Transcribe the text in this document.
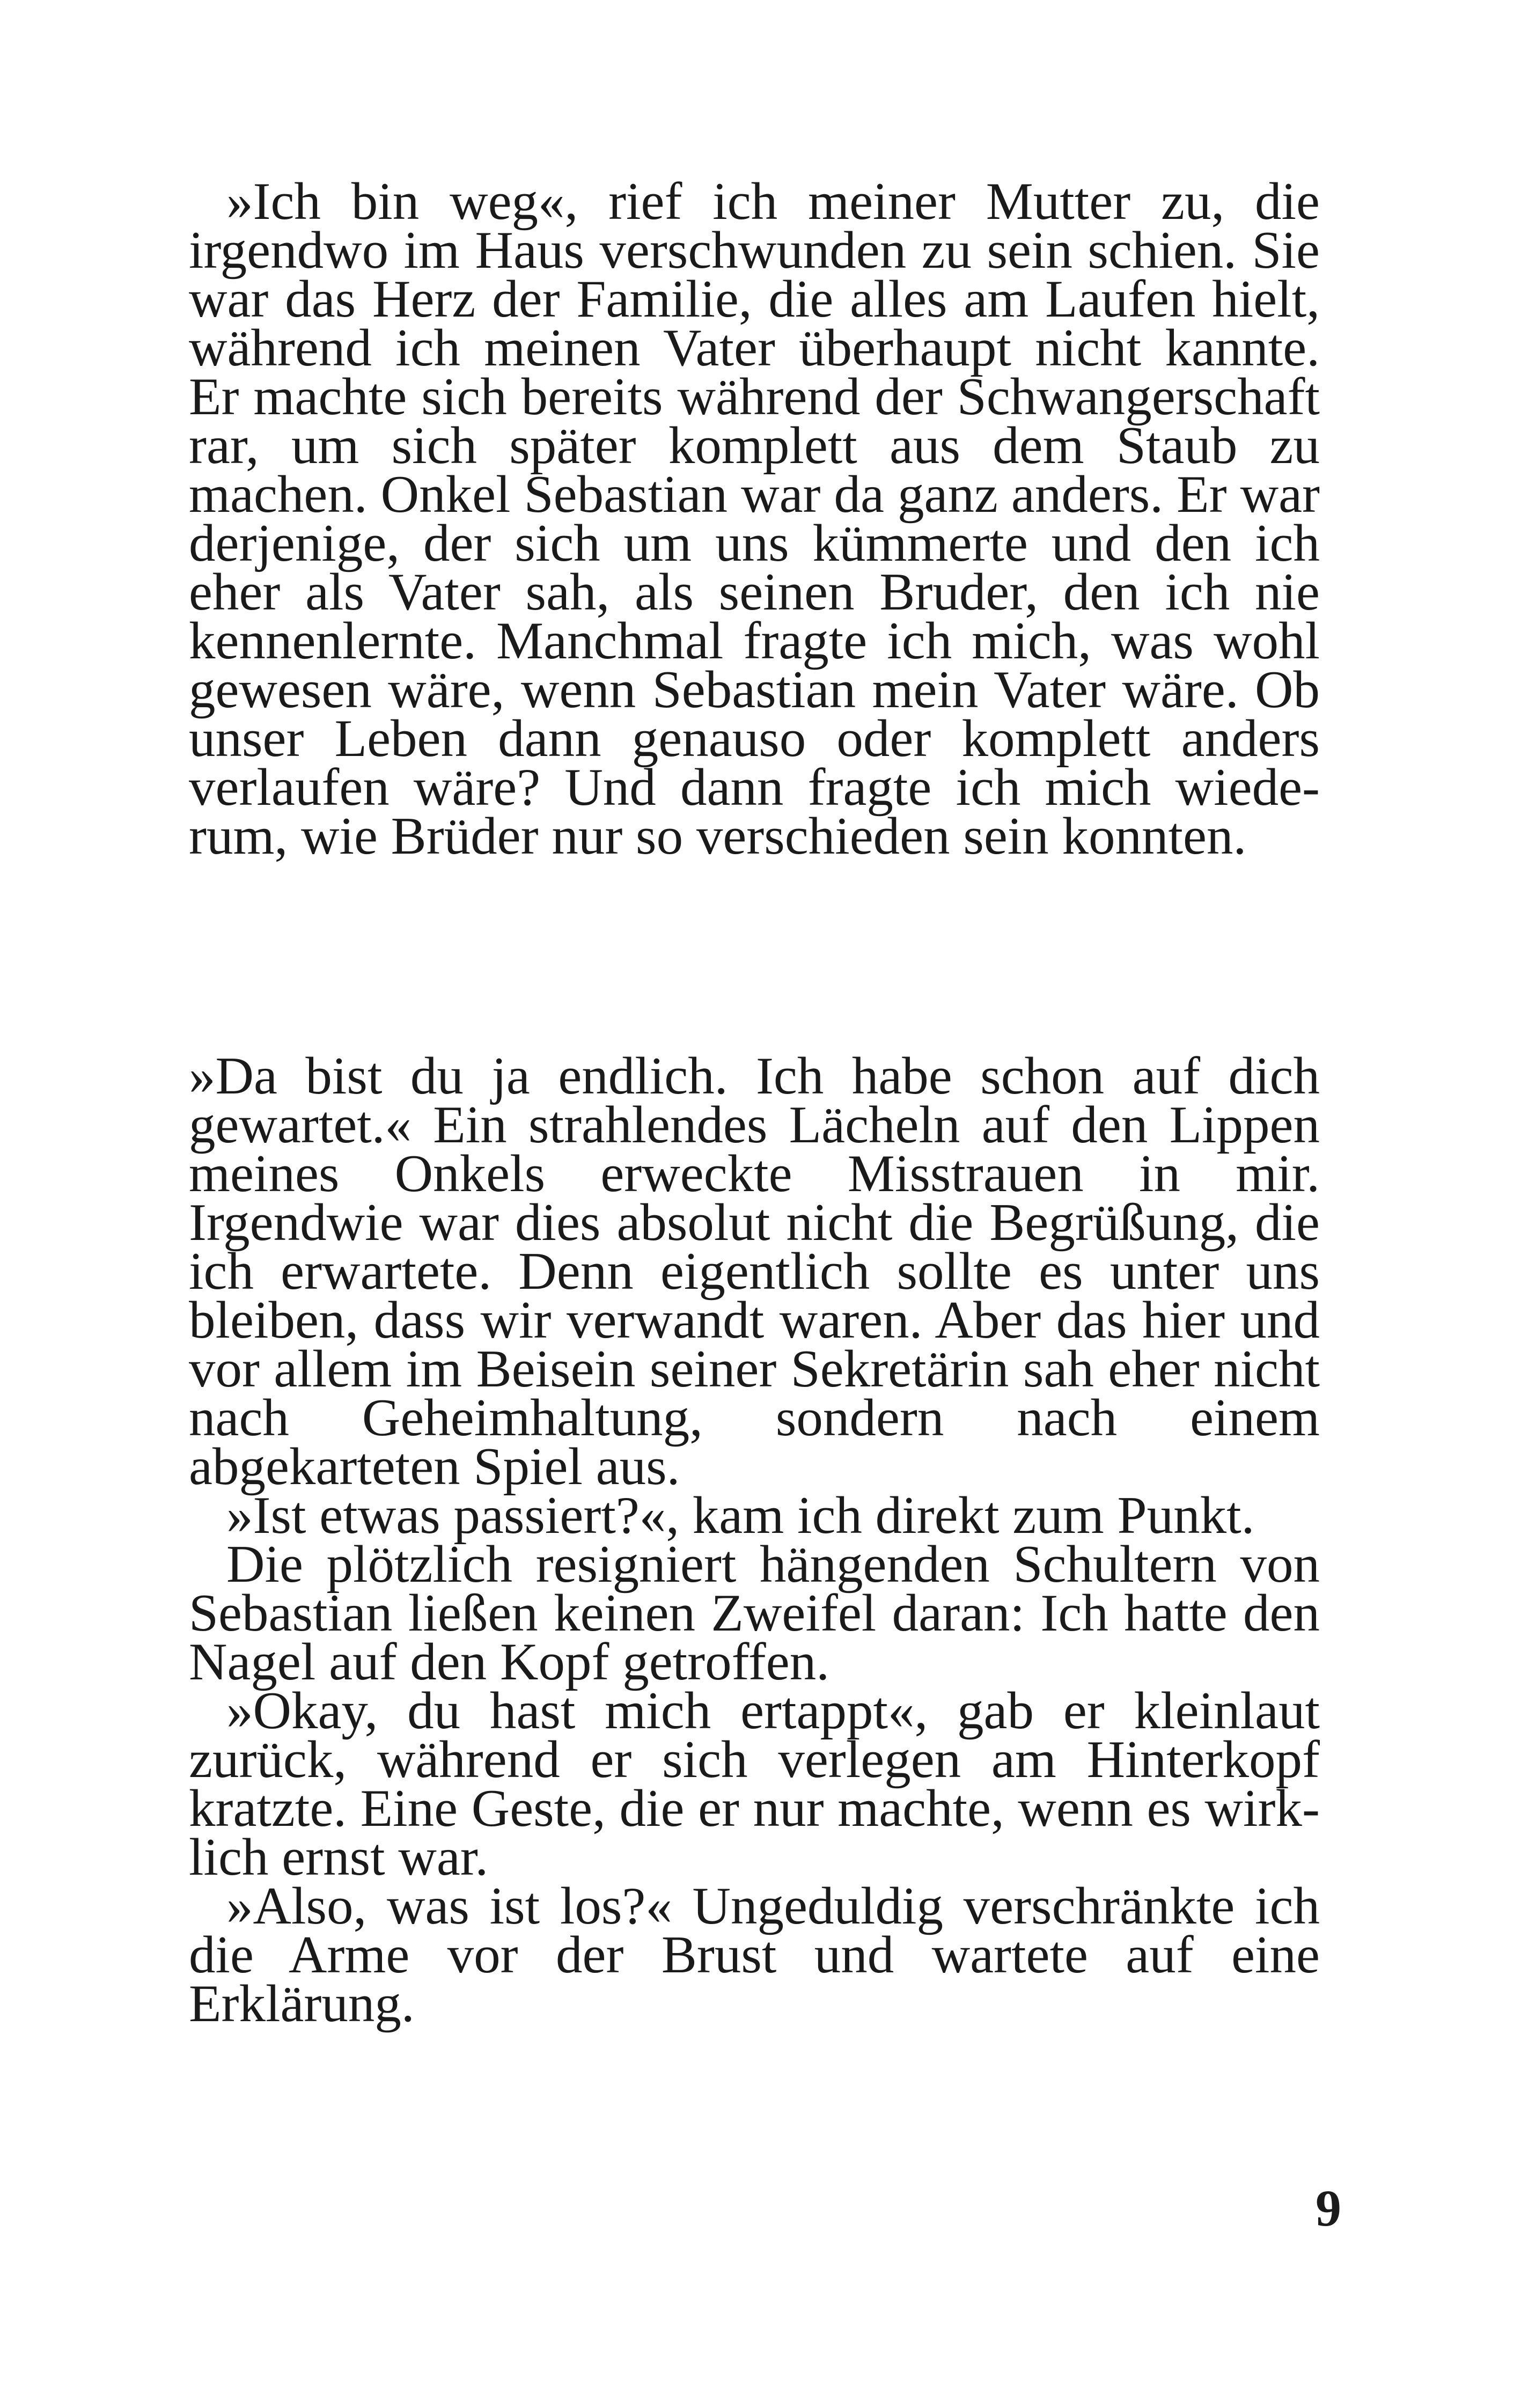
»Ich bin weg«, rief ich meiner Mutter zu, die irgendwo im Haus verschwunden zu sein schien. Sie war das Herz der Familie, die alles am Laufen hielt, während ich meinen Vater überhaupt nicht kannte. Er machte sich bereits während der Schwangerschaft rar, um sich später komplett aus dem Staub zu machen. Onkel Sebastian war da ganz anders. Er war derjenige, der sich um uns kümmerte und den ich eher als Vater sah, als seinen Bruder, den ich nie kennenlernte. Manchmal fragte ich mich, was wohl gewesen wäre, wenn Sebastian mein Vater wäre. Ob unser Leben dann genauso oder komplett anders verlaufen wäre? Und dann fragte ich mich wiederum, wie Brüder nur so verschieden sein konnten.

»Da bist du ja endlich. Ich habe schon auf dich gewartet.« Ein strahlendes Lächeln auf den Lippen meines Onkels erweckte Misstrauen in mir. Irgendwie war dies absolut nicht die Begrüßung, die ich erwartete. Denn eigentlich sollte es unter uns bleiben, dass wir verwandt waren. Aber das hier und vor allem im Beisein seiner Sekretärin sah eher nicht nach Geheimhaltung, sondern nach einem abgekarteten Spiel aus.

»Ist etwas passiert?«, kam ich direkt zum Punkt.

Die plötzlich resigniert hängenden Schultern von Sebastian ließen keinen Zweifel daran: Ich hatte den Nagel auf den Kopf getroffen.

»Okay, du hast mich ertappt«, gab er kleinlaut zurück, während er sich verlegen am Hinterkopf kratzte. Eine Geste, die er nur machte, wenn es wirklich ernst war.

»Also, was ist los?« Ungeduldig verschränkte ich die Arme vor der Brust und wartete auf eine Erklärung.

9
